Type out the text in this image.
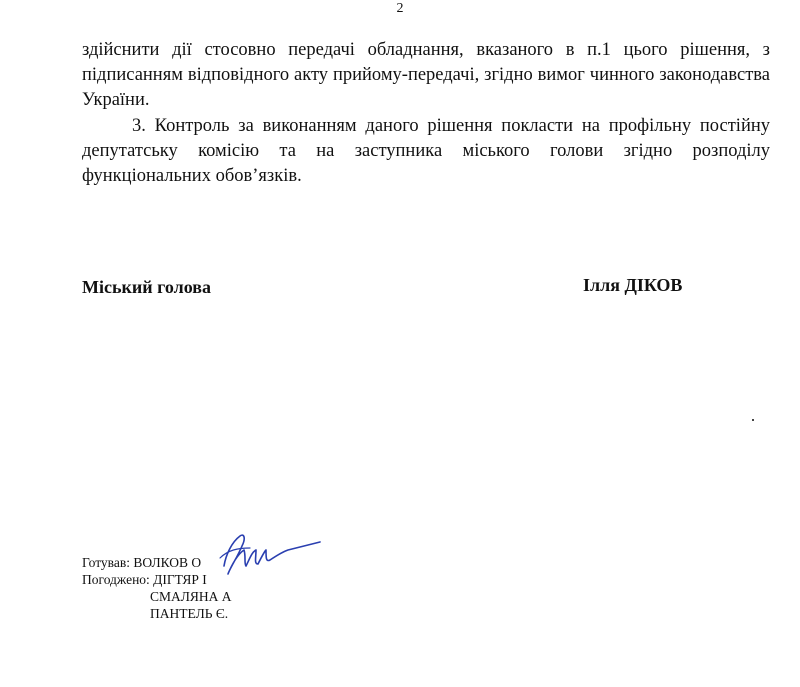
2

здійснити дії стосовно передачі обладнання, вказаного в п.1 цього рішення, з підписанням відповідного акту прийому-передачі, згідно вимог чинного законодавства України.

3. Контроль за виконанням даного рішення покласти на профільну постійну депутатську комісію та на заступника міського голови згідно розподілу функціональних обов’язків.

Міський голова	Ілля ДІКОВ
Готував: ВОЛКОВ О
Погоджено: ДІГТЯР І
СМАЛЯНА А
ПАНТЕЛЬ Є.
